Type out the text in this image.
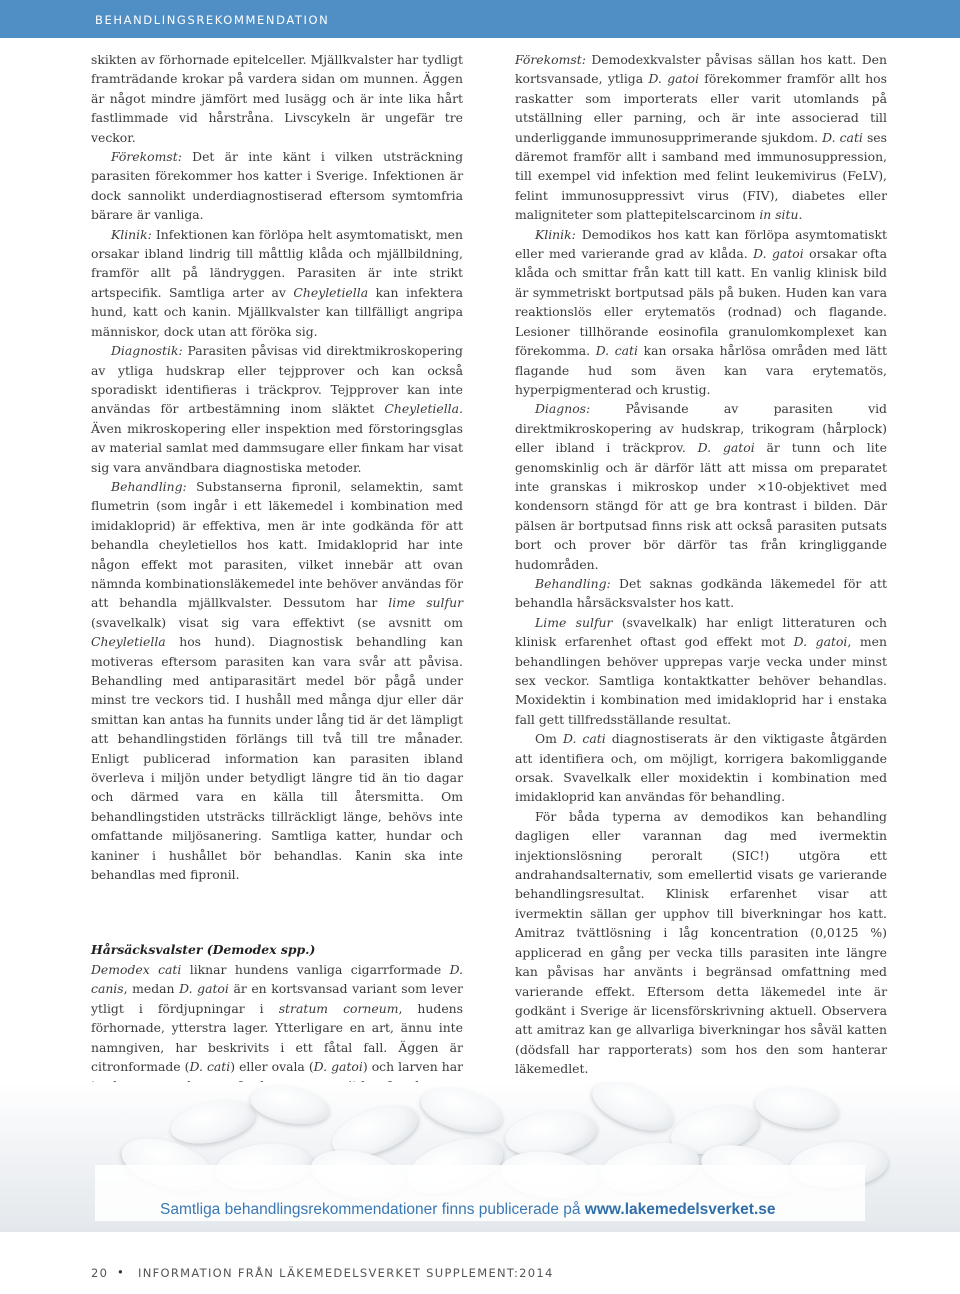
BEHANDLINGSREKOMMENDATION

skikten av förhornade epitelceller. Mjällkvalster har tydligt framträdande krokar på vardera sidan om munnen. Äggen är något mindre jämfört med lusägg och är inte lika hårt fastlimmade vid hårstråna. Livscykeln är ungefär tre veckor.

Förekomst: Det är inte känt i vilken utsträckning parasiten förekommer hos katter i Sverige. Infektionen är dock sannolikt underdiagnostiserad eftersom symtomfria bärare är vanliga.

Klinik: Infektionen kan förlöpa helt asymtomatiskt, men orsakar ibland lindrig till måttlig klåda och mjällbildning, framför allt på ländryggen. Parasiten är inte strikt artspecifik. Samtliga arter av Cheyletiella kan infektera hund, katt och kanin. Mjällkvalster kan tillfälligt angripa människor, dock utan att föröka sig.

Diagnostik: Parasiten påvisas vid direktmikroskopering av ytliga hudskrap eller tejpprover och kan också sporadiskt identifieras i träckprov. Tejpprover kan inte användas för artbestämning inom släktet Cheyletiella. Även mikroskopering eller inspektion med förstoringsglas av material samlat med dammsugare eller finkam har visat sig vara användbara diagnostiska metoder.

Behandling: Substanserna fipronil, selamektin, samt flumetrin (som ingår i ett läkemedel i kombination med imidakloprid) är effektiva, men är inte godkända för att behandla cheyletiellos hos katt. Imidakloprid har inte någon effekt mot parasiten, vilket innebär att ovan nämnda kombinationsläkemedel inte behöver användas för att behandla mjällkvalster. Dessutom har lime sulfur (svavelkalk) visat sig vara effektivt (se avsnitt om Cheyletiella hos hund). Diagnostisk behandling kan motiveras eftersom parasiten kan vara svår att påvisa. Behandling med antiparasitärt medel bör pågå under minst tre veckors tid. I hushåll med många djur eller där smittan kan antas ha funnits under lång tid är det lämpligt att behandlingstiden förlängs till två till tre månader. Enligt publicerad information kan parasiten ibland överleva i miljön under betydligt längre tid än tio dagar och därmed vara en källa till återsmitta. Om behandlingstiden utsträcks tillräckligt länge, behövs inte omfattande miljösanering. Samtliga katter, hundar och kaniner i hushållet bör behandlas. Kanin ska inte behandlas med fipronil.

Hårsäcksvalster (Demodex spp.)

Demodex cati liknar hundens vanliga cigarrformade D. canis, medan D. gatoi är en kortsvansad variant som lever ytligt i fördjupningar i stratum corneum, hudens förhornade, ytterstra lager. Ytterligare en art, ännu inte namngiven, har beskrivits i ett fåtal fall. Äggen är citronformade (D. cati) eller ovala (D. gatoi) och larven har

Förekomst: Demodexkvalster påvisas sällan hos katt. Den kortsvansade, ytliga D. gatoi förekommer framför allt hos raskatter som importerats eller varit utomlands på utställning eller parning, och är inte associerad till underliggande immunosupprimerande sjukdom. D. cati ses däremot framför allt i samband med immunosuppression, till exempel vid infektion med felint leukemivirus (FeLV), felint immunosuppressivt virus (FIV), diabetes eller maligniteter som plattepitelscarcinom in situ.

Klinik: Demodikos hos katt kan förlöpa asymtomatiskt eller med varierande grad av klåda. D. gatoi orsakar ofta klåda och smittar från katt till katt. En vanlig klinisk bild är symmetriskt bortputsad päls på buken. Huden kan vara reaktionslös eller erytematös (rodnad) och flagande. Lesioner tillhörande eosinofila granulomkomplexet kan förekomma. D. cati kan orsaka hårlösa områden med lätt flagande hud som även kan vara erytematös, hyperpigmenterad och krustig.

Diagnos: Påvisande av parasiten vid direktmikroskopering av hudskrap, trikogram (hårplock) eller ibland i träckprov. D. gatoi är tunn och lite genomskinlig och är därför lätt att missa om preparatet inte granskas i mikroskop under ×10-objektivet med kondensorn stängd för att ge bra kontrast i bilden. Där pälsen är bortputsad finns risk att också parasiten putsats bort och prover bör därför tas från kringliggande hudområden.

Behandling: Det saknas godkända läkemedel för att behandla hårsäcksvalster hos katt.

Lime sulfur (svavelkalk) har enligt litteraturen och klinisk erfarenhet oftast god effekt mot D. gatoi, men behandlingen behöver upprepas varje vecka under minst sex veckor. Samtliga kontaktkatter behöver behandlas. Moxidektin i kombination med imidakloprid har i enstaka fall gett tillfredsställande resultat.

Om D. cati diagnostiserats är den viktigaste åtgärden att identifiera och, om möjligt, korrigera bakomliggande orsak. Svavelkalk eller moxidektin i kombination med imidakloprid kan användas för behandling.

För båda typerna av demodikos kan behandling dagligen eller varannan dag med ivermektin injektionslösning peroralt (SIC!) utgöra ett andrahandsalternativ, som emellertid visats ge varierande behandlingsresultat. Klinisk erfarenhet visar att ivermektin sällan ger upphov till biverkningar hos katt. Amitraz tvättlösning i låg koncentration (0,0125 %) applicerad en gång per vecka tills parasiten inte längre kan påvisas har använts i begränsad omfattning med varierande effekt. Eftersom detta läkemedel inte är godkänt i Sverige är licensförskrivning aktuell. Observera att amitraz kan ge allvarliga biverkningar hos såväl katten (dödsfall har rapporterats) som hos den som hanterar läkemedlet.

Samtliga behandlingsrekommendationer finns publicerade på www.lakemedelsverket.se
20 • INFORMATION FRÅN LÄKEMEDELSVERKET SUPPLEMENT:2014
